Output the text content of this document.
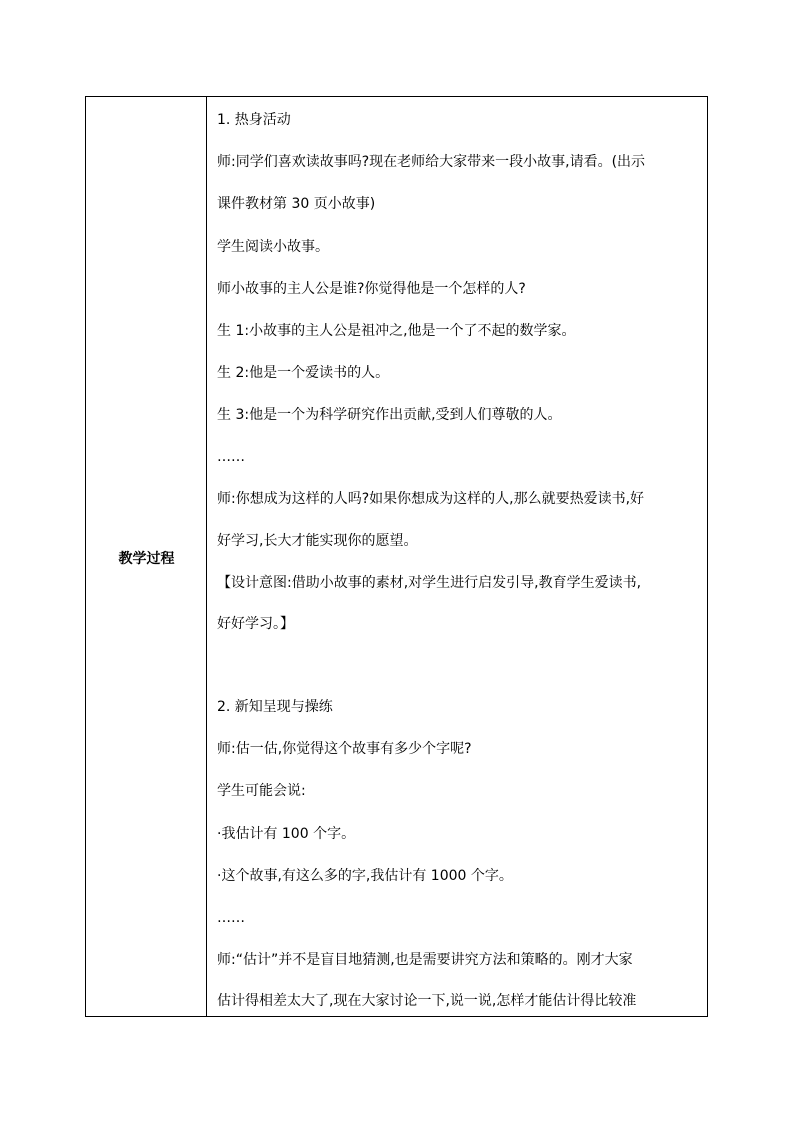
教学过程
1. 热身活动
师:同学们喜欢读故事吗?现在老师给大家带来一段小故事,请看。(出示
课件教材第 30 页小故事)
学生阅读小故事。
师小故事的主人公是谁?你觉得他是一个怎样的人?
生 1:小故事的主人公是祖冲之,他是一个了不起的数学家。
生 2:他是一个爱读书的人。
生 3:他是一个为科学研究作出贡献,受到人们尊敬的人。
……
师:你想成为这样的人吗?如果你想成为这样的人,那么就要热爱读书,好
好学习,长大才能实现你的愿望。
【设计意图:借助小故事的素材,对学生进行启发引导,教育学生爱读书,
好好学习。】
2. 新知呈现与操练
师:估一估,你觉得这个故事有多少个字呢?
学生可能会说:
·我估计有 100 个字。
·这个故事,有这么多的字,我估计有 1000 个字。
……
师:“估计”并不是盲目地猜测,也是需要讲究方法和策略的。刚才大家
估计得相差太大了,现在大家讨论一下,说一说,怎样才能估计得比较准
